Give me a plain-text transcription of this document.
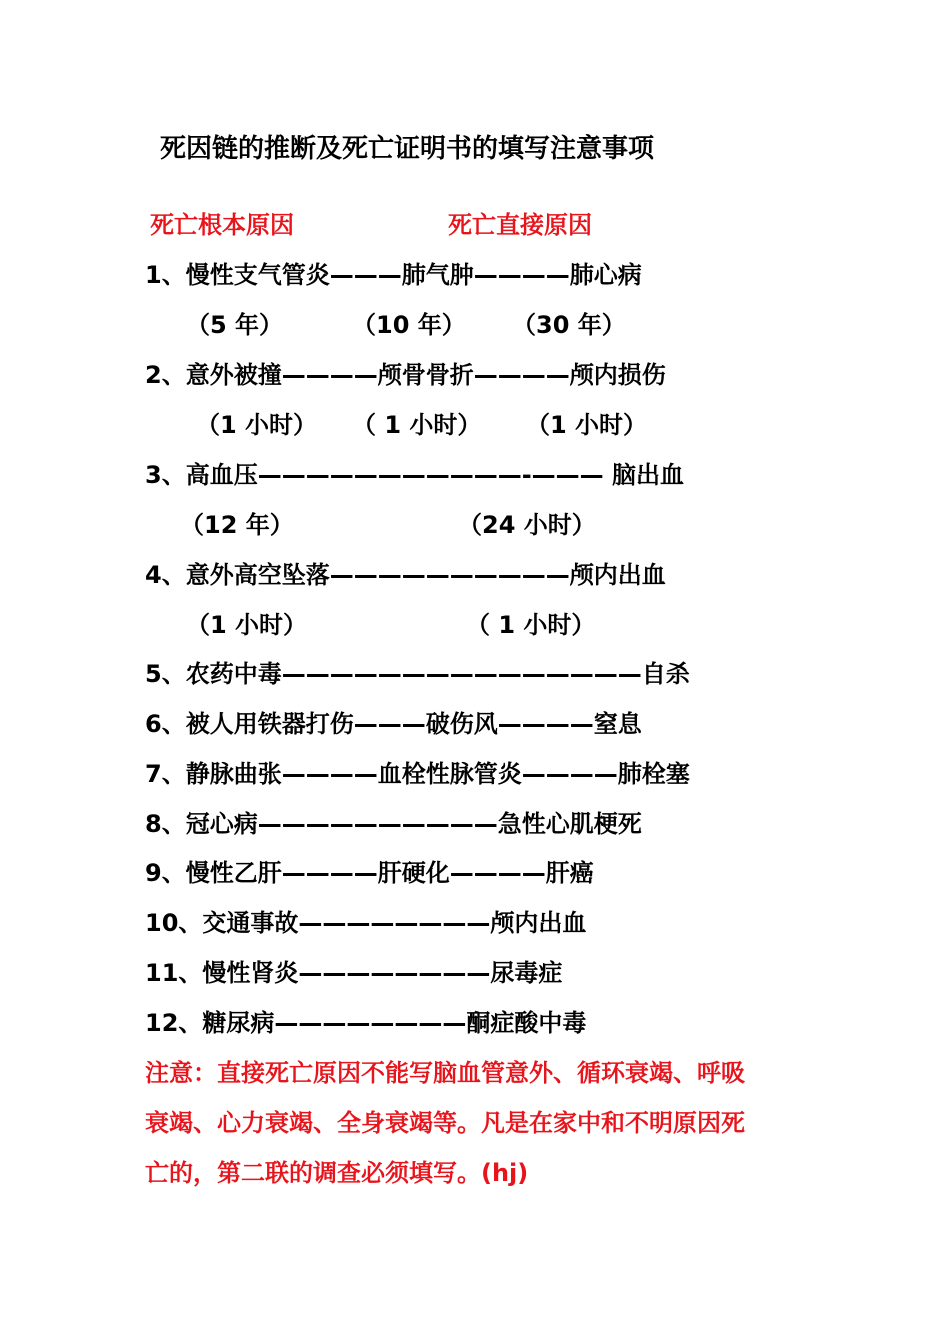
死因链的推断及死亡证明书的填写注意事项
死亡根本原因	死亡直接原因
1、慢性支气管炎———肺气肿————肺心病
（5 年）	（10 年） （30 年）
2、意外被撞————颅骨骨折————颅内损伤
（1 小时） （ 1 小时） （1 小时）
3、高血压———————————-——— 脑出血
（12 年）	（24 小时）
4、意外高空坠落——————————颅内出血
（1 小时）	（ 1 小时）
5、农药中毒———————————————自杀
6、被人用铁器打伤———破伤风————窒息
7、静脉曲张————血栓性脉管炎————肺栓塞
8、冠心病——————————急性心肌梗死
9、慢性乙肝————肝硬化————肝癌
10、交通事故————————颅内出血
11、慢性肾炎————————尿毒症
12、糖尿病————————酮症酸中毒
注意：直接死亡原因不能写脑血管意外、循环衰竭、呼吸
衰竭、心力衰竭、全身衰竭等。凡是在家中和不明原因死
亡的，第二联的调查必须填写。(hj)
